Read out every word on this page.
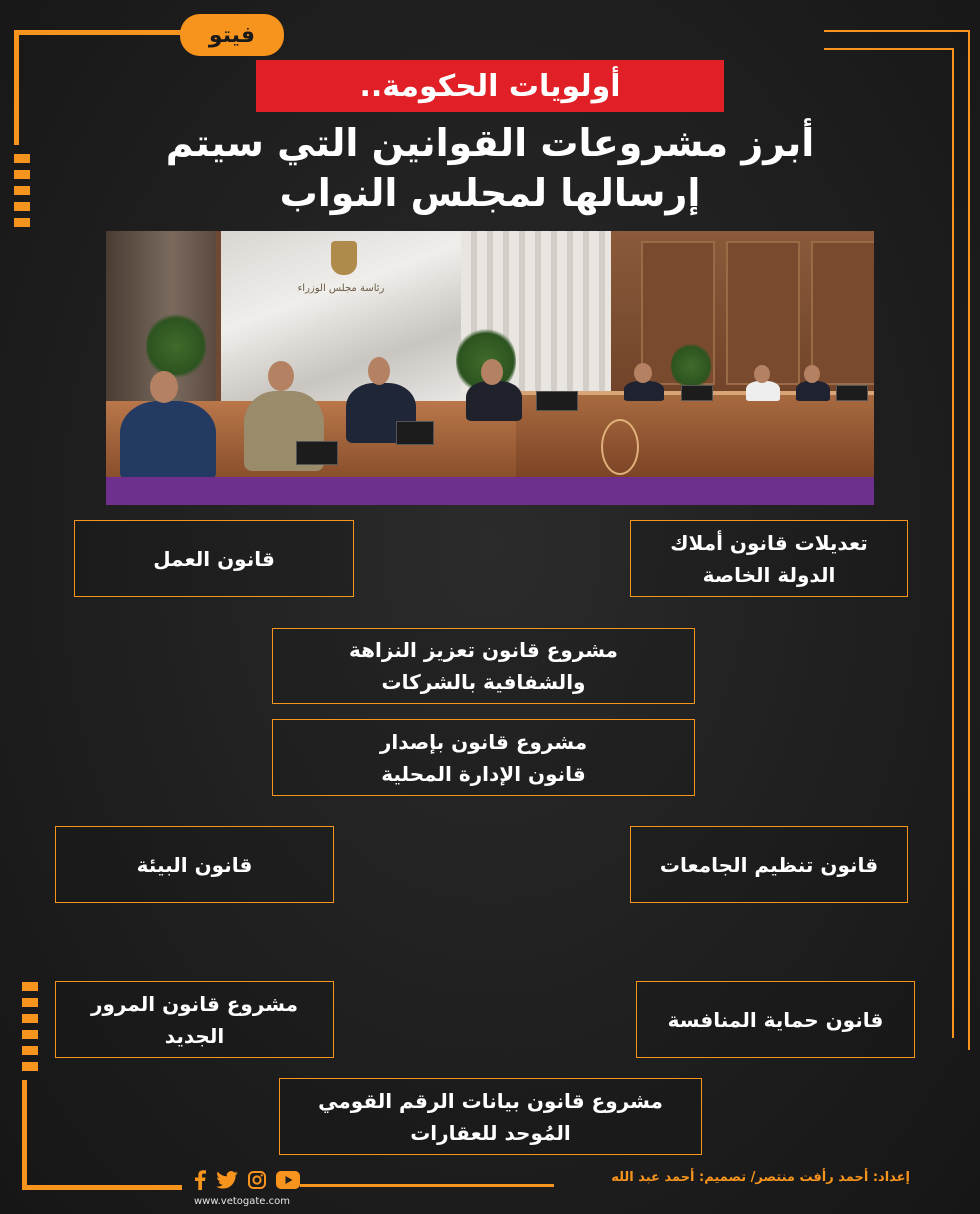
فيتو
أولويات الحكومة..
أبرز مشروعات القوانين التي سيتم
إرسالها لمجلس النواب
رئاسة مجلس الوزراء
تعديلات قانون أملاك
الدولة الخاصة
قانون العمل
مشروع قانون تعزيز النزاهة
والشفافية بالشركات
مشروع قانون بإصدار
قانون الإدارة المحلية
قانون تنظيم الجامعات
قانون البيئة
قانون حماية المنافسة
مشروع قانون المرور
الجديد
مشروع قانون بيانات الرقم القومي
المُوحد للعقارات
إعداد: أحمد رأفت منتصر/ تصميم: أحمد عبد الله
www.vetogate.com
